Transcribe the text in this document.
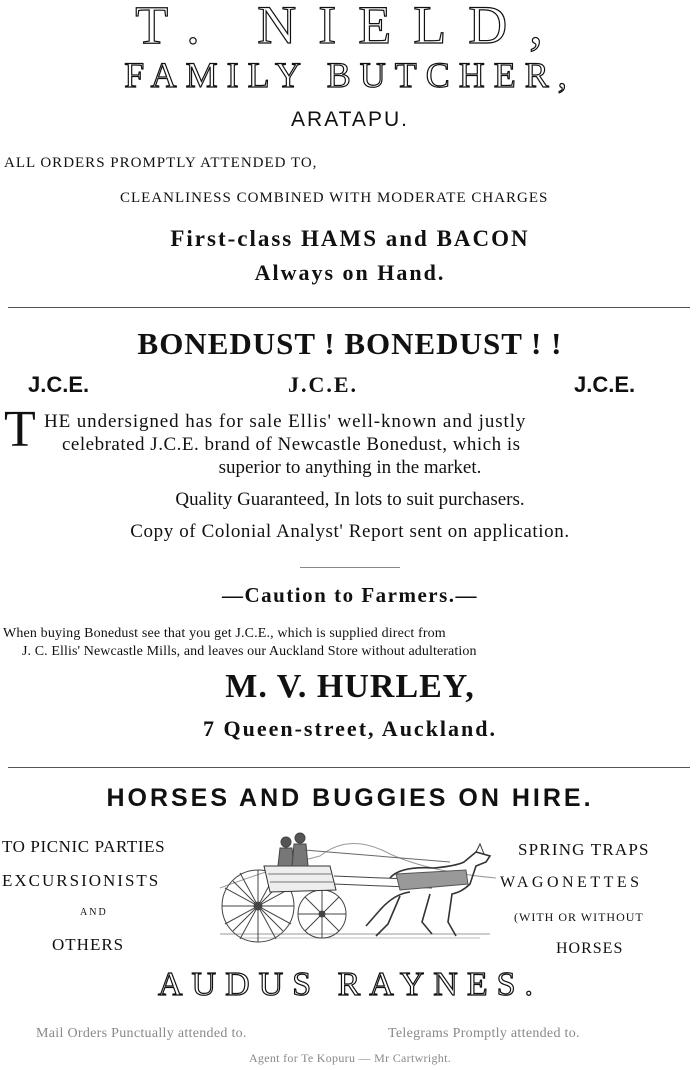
T. NIELD,
FAMILY BUTCHER,
ARATAPU.
ALL ORDERS PROMPTLY ATTENDED TO,
CLEANLINESS COMBINED WITH MODERATE CHARGES
First-class HAMS and BACON
Always on Hand.
BONEDUST ! BONEDUST ! !
J.C.E.	J.C.E.	J.C.E.
T HE undersigned has for sale Ellis' well-known and justly
celebrated J.C.E. brand of Newcastle Bonedust, which is
superior to anything in the market.
Quality Guaranteed, In lots to suit purchasers.
Copy of Colonial Analyst' Report sent on application.
—Caution to Farmers.—
When buying Bonedust see that you get J.C.E., which is supplied direct from
J. C. Ellis' Newcastle Mills, and leaves our Auckland Store without adulteration
M. V. HURLEY,
7 Queen-street, Auckland.
HORSES AND BUGGIES ON HIRE.
TO PICNIC PARTIES
EXCURSIONISTS
AND
OTHERS
SPRING TRAPS
WAGONETTES
(WITH OR WITHOUT
HORSES
AUDUS RAYNES.
Mail Orders Punctually attended to.	Telegrams Promptly attended to.
Agent for Te Kopuru — Mr Cartwright.
